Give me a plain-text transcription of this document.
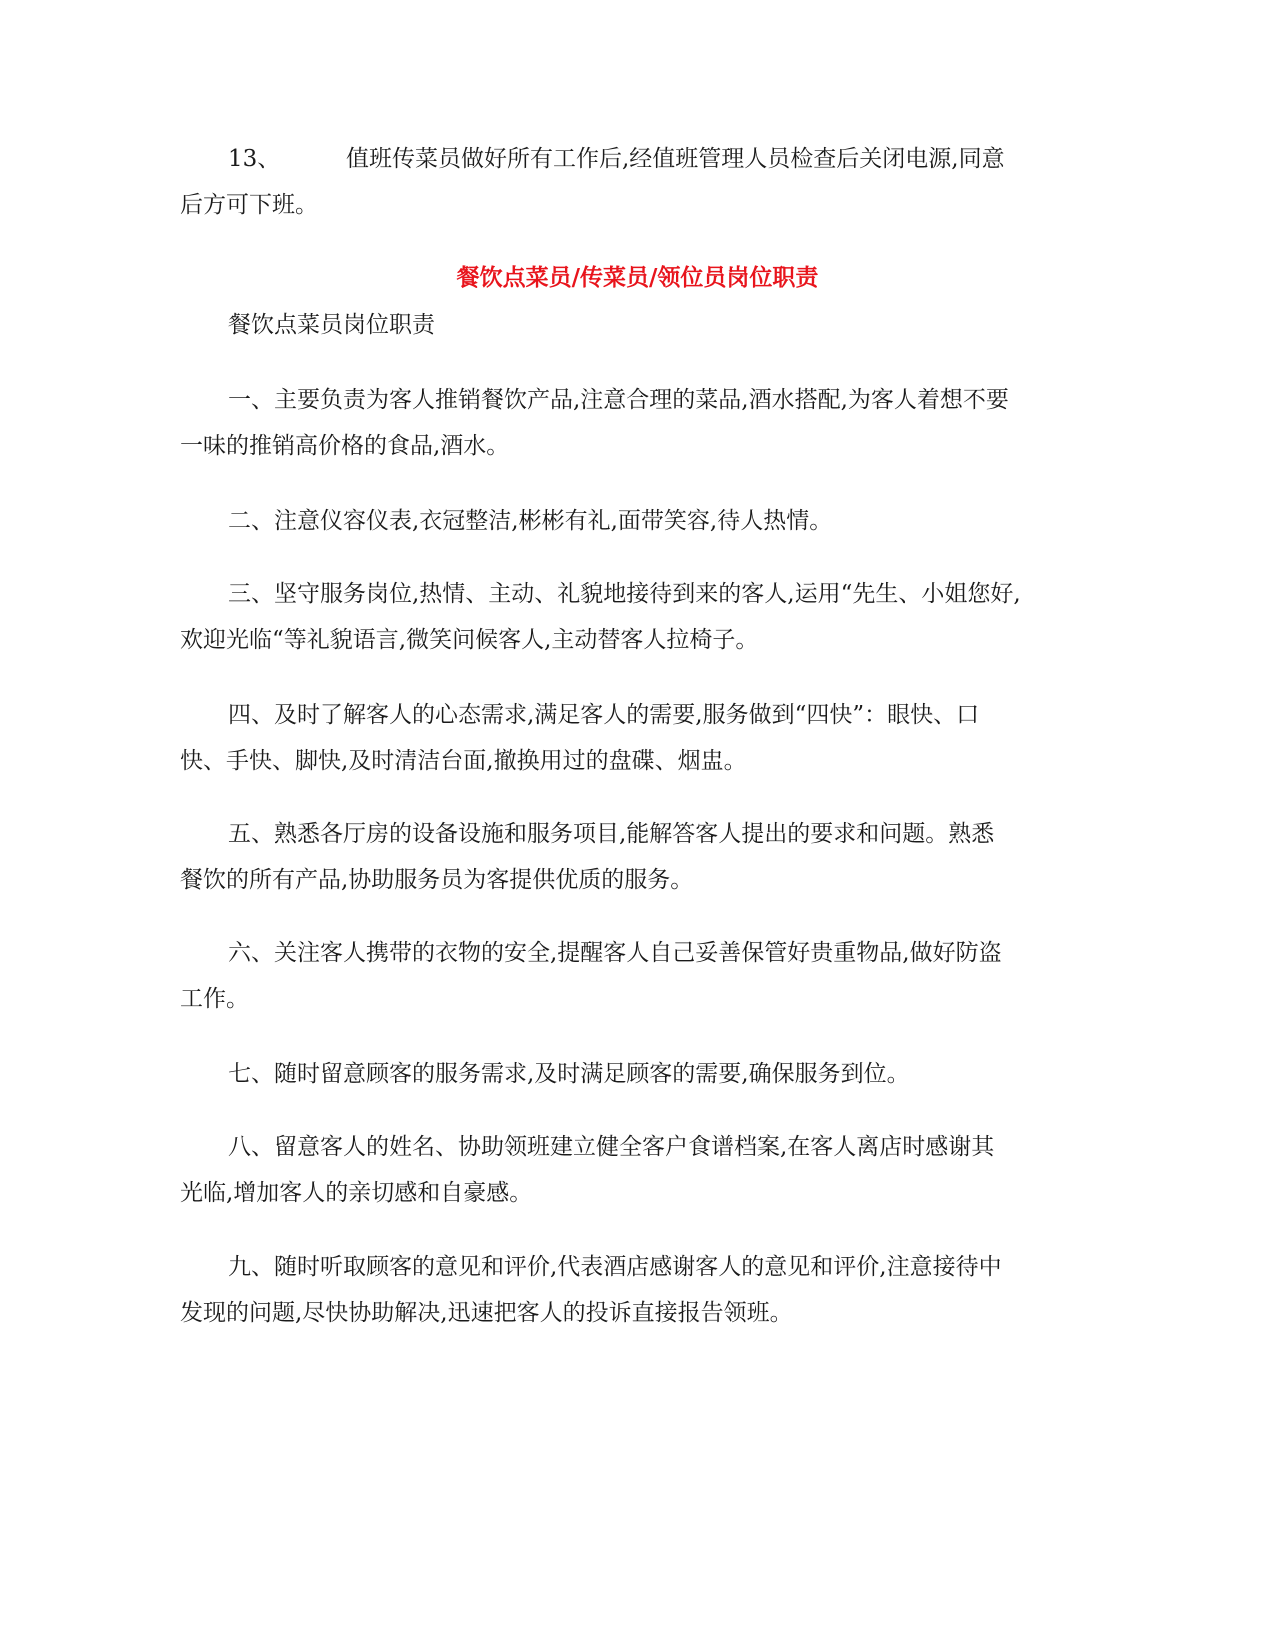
13、	值班传菜员做好所有工作后,经值班管理人员检查后关闭电源,同意
后方可下班。
餐饮点菜员/传菜员/领位员岗位职责
餐饮点菜员岗位职责
一、主要负责为客人推销餐饮产品,注意合理的菜品,酒水搭配,为客人着想不要
一味的推销高价格的食品,酒水。
二、注意仪容仪表,衣冠整洁,彬彬有礼,面带笑容,待人热情。
三、坚守服务岗位,热情、主动、礼貌地接待到来的客人,运用“先生、小姐您好,
欢迎光临“等礼貌语言,微笑问候客人,主动替客人拉椅子。
四、及时了解客人的心态需求,满足客人的需要,服务做到“四快”：眼快、口
快、手快、脚快,及时清洁台面,撤换用过的盘碟、烟盅。
五、熟悉各厅房的设备设施和服务项目,能解答客人提出的要求和问题。熟悉
餐饮的所有产品,协助服务员为客提供优质的服务。
六、关注客人携带的衣物的安全,提醒客人自己妥善保管好贵重物品,做好防盗
工作。
七、随时留意顾客的服务需求,及时满足顾客的需要,确保服务到位。
八、留意客人的姓名、协助领班建立健全客户食谱档案,在客人离店时感谢其
光临,增加客人的亲切感和自豪感。
九、随时听取顾客的意见和评价,代表酒店感谢客人的意见和评价,注意接待中
发现的问题,尽快协助解决,迅速把客人的投诉直接报告领班。
